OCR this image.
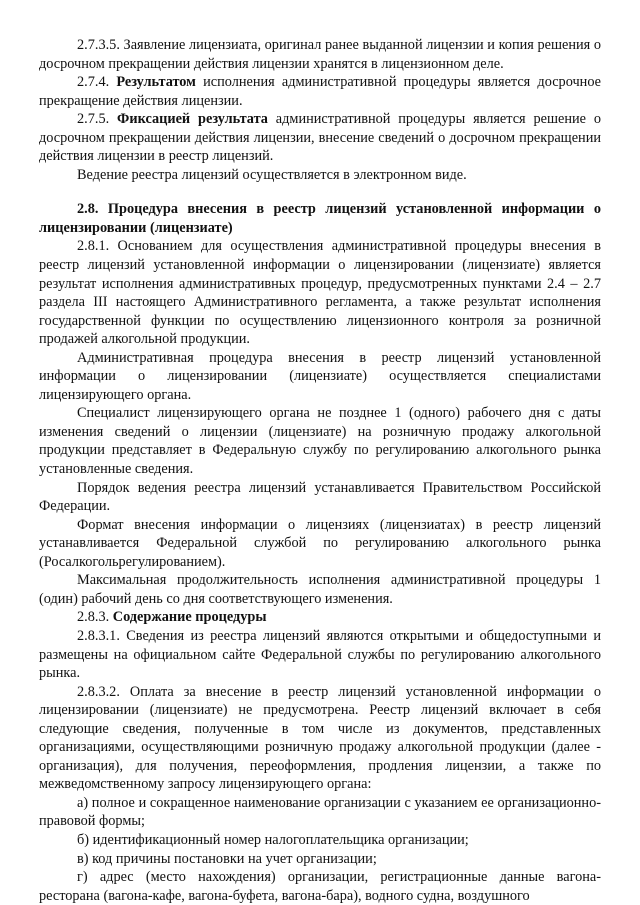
2.7.3.5. Заявление лицензиата, оригинал ранее выданной лицензии и копия решения о досрочном прекращении действия лицензии хранятся в лицензионном деле.

2.7.4. Результатом исполнения административной процедуры является досрочное прекращение действия лицензии.

2.7.5. Фиксацией результата административной процедуры является решение о досрочном прекращении действия лицензии, внесение сведений о досрочном прекращении действия лицензии в реестр лицензий.

Ведение реестра лицензий осуществляется в электронном виде.

2.8. Процедура внесения в реестр лицензий установленной информации о лицензировании (лицензиате)

2.8.1. Основанием для осуществления административной процедуры внесения в реестр лицензий установленной информации о лицензировании (лицензиате) является результат исполнения административных процедур, предусмотренных пунктами 2.4 – 2.7 раздела III настоящего Административного регламента, а также результат исполнения государственной функции по осуществлению лицензионного контроля за розничной продажей алкогольной продукции.

Административная процедура внесения в реестр лицензий установленной информации о лицензировании (лицензиате) осуществляется специалистами лицензирующего органа.

Специалист лицензирующего органа не позднее 1 (одного) рабочего дня с даты изменения сведений о лицензии (лицензиате) на розничную продажу алкогольной продукции представляет в Федеральную службу по регулированию алкогольного рынка установленные сведения.

Порядок ведения реестра лицензий устанавливается Правительством Российской Федерации.

Формат внесения информации о лицензиях (лицензиатах) в реестр лицензий устанавливается Федеральной службой по регулированию алкогольного рынка (Росалкогольрегулированием).

Максимальная продолжительность исполнения административной процедуры 1 (один) рабочий день со дня соответствующего изменения.

2.8.3. Содержание процедуры

2.8.3.1. Сведения из реестра лицензий являются открытыми и общедоступными и размещены на официальном сайте Федеральной службы по регулированию алкогольного рынка.

2.8.3.2. Оплата за внесение в реестр лицензий установленной информации о лицензировании (лицензиате) не предусмотрена. Реестр лицензий включает в себя следующие сведения, полученные в том числе из документов, представленных организациями, осуществляющими розничную продажу алкогольной продукции (далее - организация), для получения, переоформления, продления лицензии, а также по межведомственному запросу лицензирующего органа:

а) полное и сокращенное наименование организации с указанием ее организационно-правовой формы;

б) идентификационный номер налогоплательщика организации;

в) код причины постановки на учет организации;

г) адрес (место нахождения) организации, регистрационные данные вагона-ресторана (вагона-кафе, вагона-буфета, вагона-бара), водного судна, воздушного
